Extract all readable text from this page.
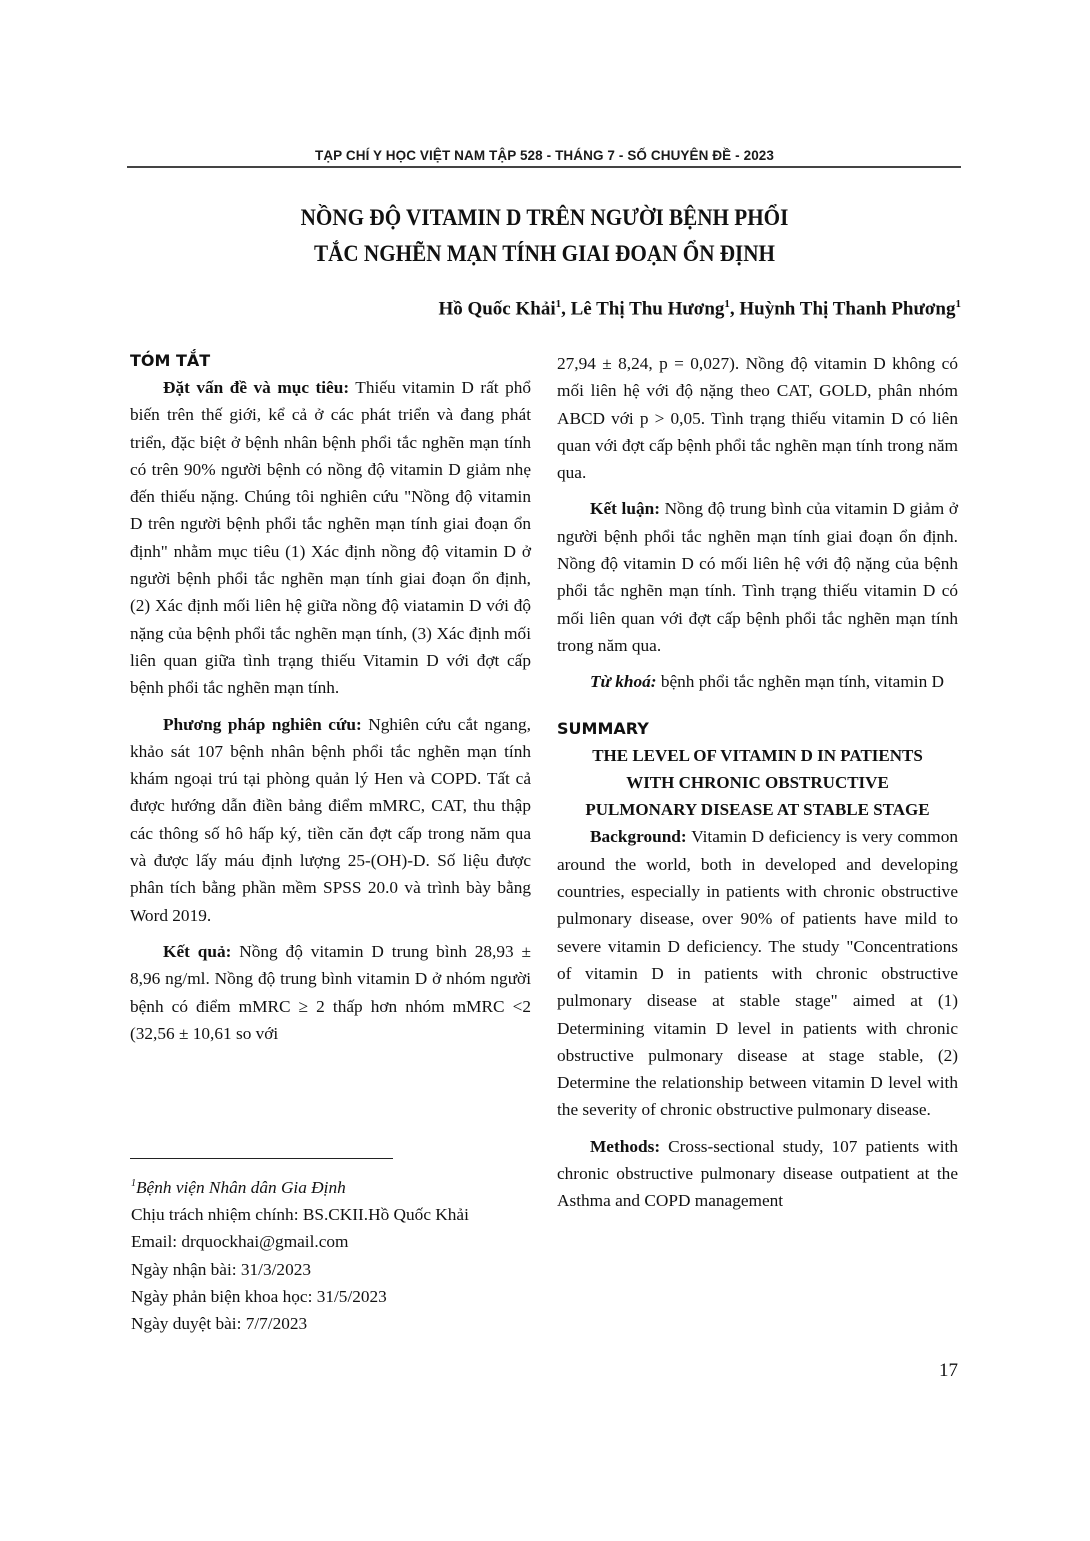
TẠP CHÍ Y HỌC VIỆT NAM TẬP 528 - THÁNG 7 - SỐ CHUYÊN ĐỀ - 2023
NỒNG ĐỘ VITAMIN D TRÊN NGƯỜI BỆNH PHỔI
TẮC NGHẼN MẠN TÍNH GIAI ĐOẠN ỔN ĐỊNH
Hồ Quốc Khải$^1$, Lê Thị Thu Hương$^1$, Huỳnh Thị Thanh Phương$^1$
TÓM TẮT

Đặt vấn đề và mục tiêu: Thiếu vitamin D rất phổ biến trên thế giới, kể cả ở các phát triển và đang phát triển, đặc biệt ở bệnh nhân bệnh phổi tắc nghẽn mạn tính có trên 90% người bệnh có nồng độ vitamin D giảm nhẹ đến thiếu nặng. Chúng tôi nghiên cứu "Nồng độ vitamin D trên người bệnh phổi tắc nghẽn mạn tính giai đoạn ổn định" nhằm mục tiêu (1) Xác định nồng độ vitamin D ở người bệnh phổi tắc nghẽn mạn tính giai đoạn ổn định, (2) Xác định mối liên hệ giữa nồng độ viatamin D với độ nặng của bệnh phổi tắc nghẽn mạn tính, (3) Xác định mối liên quan giữa tình trạng thiếu Vitamin D với đợt cấp bệnh phổi tắc nghẽn mạn tính.

Phương pháp nghiên cứu: Nghiên cứu cắt ngang, khảo sát 107 bệnh nhân bệnh phổi tắc nghẽn mạn tính khám ngoại trú tại phòng quản lý Hen và COPD. Tất cả được hướng dẫn điền bảng điểm mMRC, CAT, thu thập các thông số hô hấp ký, tiền căn đợt cấp trong năm qua và được lấy máu định lượng 25-(OH)-D. Số liệu được phân tích bằng phần mềm SPSS 20.0 và trình bày bằng Word 2019.

Kết quả: Nồng độ vitamin D trung bình 28,93 ± 8,96 ng/ml. Nồng độ trung bình vitamin D ở nhóm người bệnh có điểm mMRC ≥ 2 thấp hơn nhóm mMRC <2 (32,56 ± 10,61 so với

27,94 ± 8,24, p = 0,027). Nồng độ vitamin D không có mối liên hệ với độ nặng theo CAT, GOLD, phân nhóm ABCD với p > 0,05. Tình trạng thiếu vitamin D có liên quan với đợt cấp bệnh phổi tắc nghẽn mạn tính trong năm qua.

Kết luận: Nồng độ trung bình của vitamin D giảm ở người bệnh phổi tắc nghẽn mạn tính giai đoạn ổn định. Nồng độ vitamin D có mối liên hệ với độ nặng của bệnh phổi tắc nghẽn mạn tính. Tình trạng thiếu vitamin D có mối liên quan với đợt cấp bệnh phổi tắc nghẽn mạn tính trong năm qua.

Từ khoá: bệnh phổi tắc nghẽn mạn tính, vitamin D

SUMMARY
THE LEVEL OF VITAMIN D IN PATIENTS
WITH CHRONIC OBSTRUCTIVE
PULMONARY DISEASE AT STABLE STAGE

Background: Vitamin D deficiency is very common around the world, both in developed and developing countries, especially in patients with chronic obstructive pulmonary disease, over 90% of patients have mild to severe vitamin D deficiency. The study "Concentrations of vitamin D in patients with chronic obstructive pulmonary disease at stable stage" aimed at (1) Determining vitamin D level in patients with chronic obstructive pulmonary disease at stage stable, (2) Determine the relationship between vitamin D level with the severity of chronic obstructive pulmonary disease.

Methods: Cross-sectional study, 107 patients with chronic obstructive pulmonary disease outpatient at the Asthma and COPD management

$^1$Bệnh viện Nhân dân Gia Định
Chịu trách nhiệm chính: BS.CKII.Hồ Quốc Khải
Email: drquockhai@gmail.com
Ngày nhận bài: 31/3/2023
Ngày phản biện khoa học: 31/5/2023
Ngày duyệt bài: 7/7/2023
17
